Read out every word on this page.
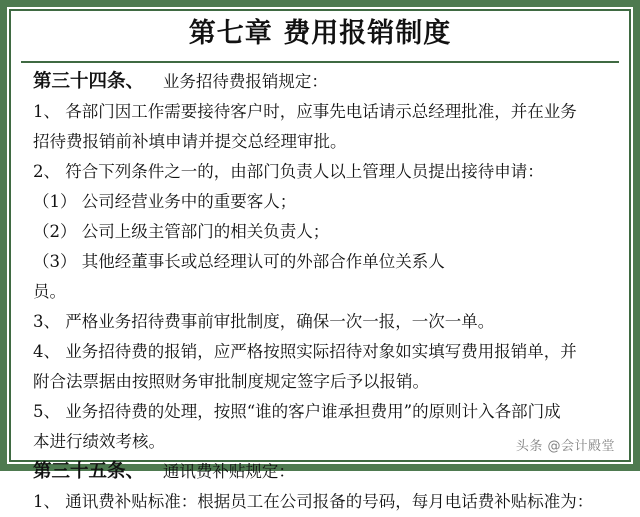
第七章 费用报销制度
第三十四条、 业务招待费报销规定：
1、 各部门因工作需要接待客户时，应事先电话请示总经理批准，并在业务
招待费报销前补填申请并提交总经理审批。
2、 符合下列条件之一的，由部门负责人以上管理人员提出接待申请：
（1） 公司经营业务中的重要客人；
（2） 公司上级主管部门的相关负责人；
（3） 其他经董事长或总经理认可的外部合作单位关系人
员。
3、 严格业务招待费事前审批制度，确保一次一报，一次一单。
4、 业务招待费的报销，应严格按照实际招待对象如实填写费用报销单，并
附合法票据由按照财务审批制度规定签字后予以报销。
5、 业务招待费的处理，按照“谁的客户谁承担费用”的原则计入各部门成
本进行绩效考核。
第三十五条、 通讯费补贴规定：
1、 通讯费补贴标准：根据员工在公司报备的号码，每月电话费补贴标准为：
头条 @会计殿堂
